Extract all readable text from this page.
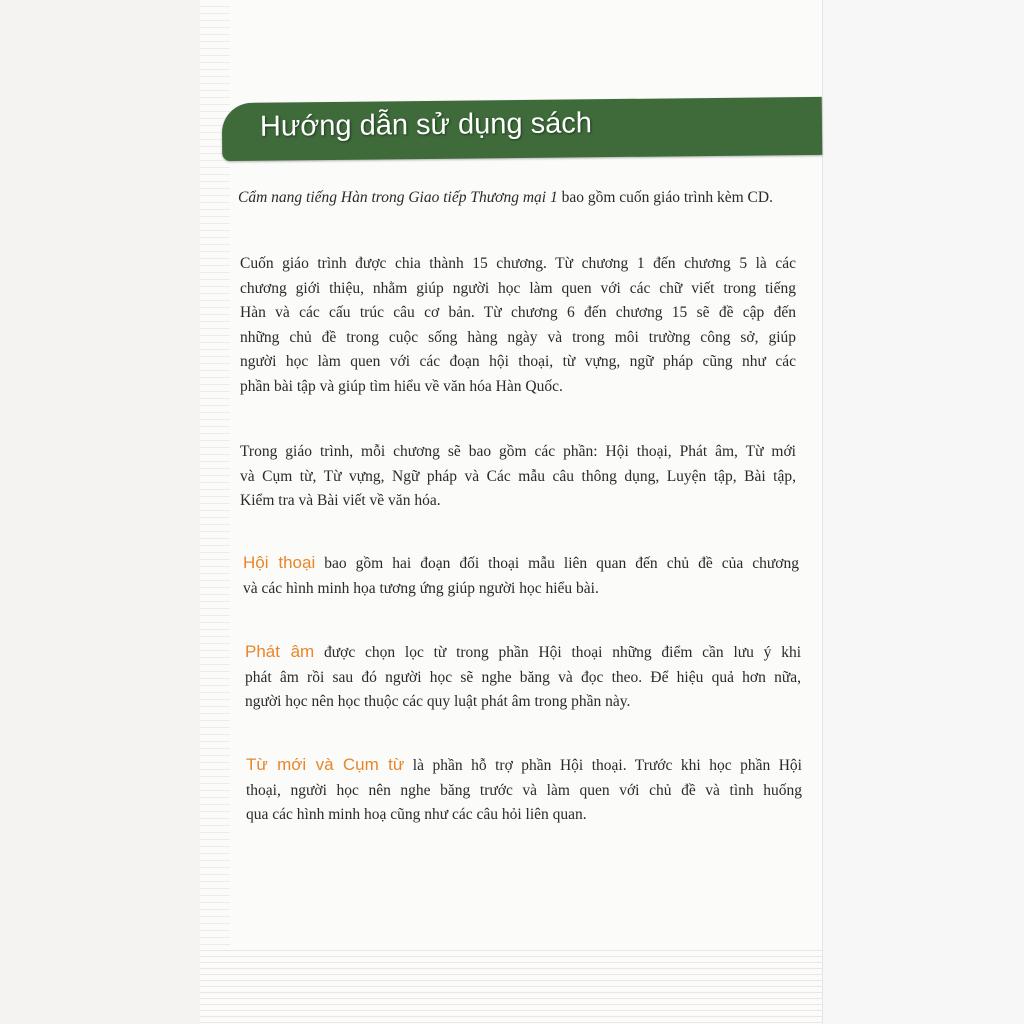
Hướng dẫn sử dụng sách
Cẩm nang tiếng Hàn trong Giao tiếp Thương mại 1 bao gồm cuốn giáo trình kèm CD.
Cuốn giáo trình được chia thành 15 chương. Từ chương 1 đến chương 5 là các
chương giới thiệu, nhằm giúp người học làm quen với các chữ viết trong tiếng
Hàn và các cấu trúc câu cơ bản. Từ chương 6 đến chương 15 sẽ đề cập đến
những chủ đề trong cuộc sống hàng ngày và trong môi trường công sở, giúp
người học làm quen với các đoạn hội thoại, từ vựng, ngữ pháp cũng như các
phần bài tập và giúp tìm hiểu về văn hóa Hàn Quốc.
Trong giáo trình, mỗi chương sẽ bao gồm các phần: Hội thoại, Phát âm, Từ mới
và Cụm từ, Từ vựng, Ngữ pháp và Các mẫu câu thông dụng, Luyện tập, Bài tập,
Kiểm tra và Bài viết về văn hóa.
Hội thoại bao gồm hai đoạn đối thoại mẫu liên quan đến chủ đề của chương
và các hình minh họa tương ứng giúp người học hiểu bài.
Phát âm được chọn lọc từ trong phần Hội thoại những điểm cần lưu ý khi
phát âm rồi sau đó người học sẽ nghe băng và đọc theo. Để hiệu quả hơn nữa,
người học nên học thuộc các quy luật phát âm trong phần này.
Từ mới và Cụm từ là phần hỗ trợ phần Hội thoại. Trước khi học phần Hội
thoại, người học nên nghe băng trước và làm quen với chủ đề và tình huống
qua các hình minh hoạ cũng như các câu hỏi liên quan.
